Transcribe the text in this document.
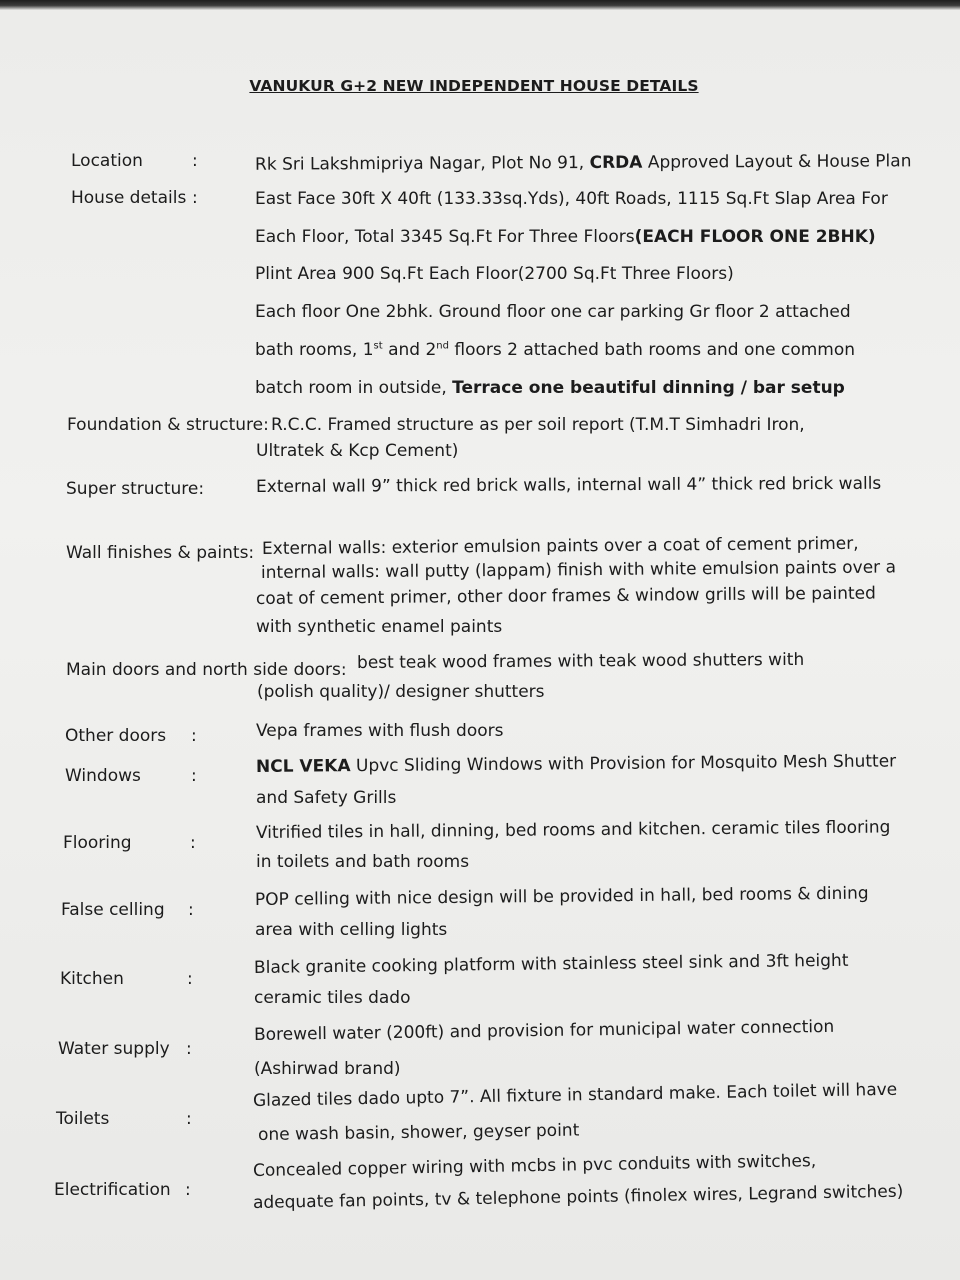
VANUKUR G+2 NEW INDEPENDENT HOUSE DETAILS
Location	:	Rk Sri Lakshmipriya Nagar, Plot No 91, CRDA Approved Layout & House Plan
House details :	East Face 30ft X 40ft (133.33sq.Yds), 40ft Roads, 1115 Sq.Ft Slap Area For
Each Floor, Total 3345 Sq.Ft For Three Floors(EACH FLOOR ONE 2BHK)
Plint Area 900 Sq.Ft Each Floor(2700 Sq.Ft Three Floors)
Each floor One 2bhk. Ground floor one car parking Gr floor 2 attached
bath rooms, 1st and 2nd floors 2 attached bath rooms and one common
batch room in outside, Terrace one beautiful dinning / bar setup
Foundation & structure: R.C.C. Framed structure as per soil report (T.M.T Simhadri Iron,
Ultratek & Kcp Cement)
Super structure:	External wall 9” thick red brick walls, internal wall 4” thick red brick walls
Wall finishes & paints: External walls: exterior emulsion paints over a coat of cement primer,
internal walls: wall putty (lappam) finish with white emulsion paints over a
coat of cement primer, other door frames & window grills will be painted
with synthetic enamel paints
Main doors and north side doors: best teak wood frames with teak wood shutters with
(polish quality)/ designer shutters
Other doors :	Vepa frames with flush doors
Windows	:	NCL VEKA Upvc Sliding Windows with Provision for Mosquito Mesh Shutter
and Safety Grills
Flooring	:
Vitrified tiles in hall, dinning, bed rooms and kitchen. ceramic tiles flooring
in toilets and bath rooms
False celling :
POP celling with nice design will be provided in hall, bed rooms & dining
area with celling lights
Kitchen	:
Black granite cooking platform with stainless steel sink and 3ft height
ceramic tiles dado
Water supply :
Borewell water (200ft) and provision for municipal water connection
(Ashirwad brand)
Toilets	:
Glazed tiles dado upto 7”. All fixture in standard make. Each toilet will have
one wash basin, shower, geyser point
Electrification :
Concealed copper wiring with mcbs in pvc conduits with switches,
adequate fan points, tv & telephone points (finolex wires, Legrand switches)
